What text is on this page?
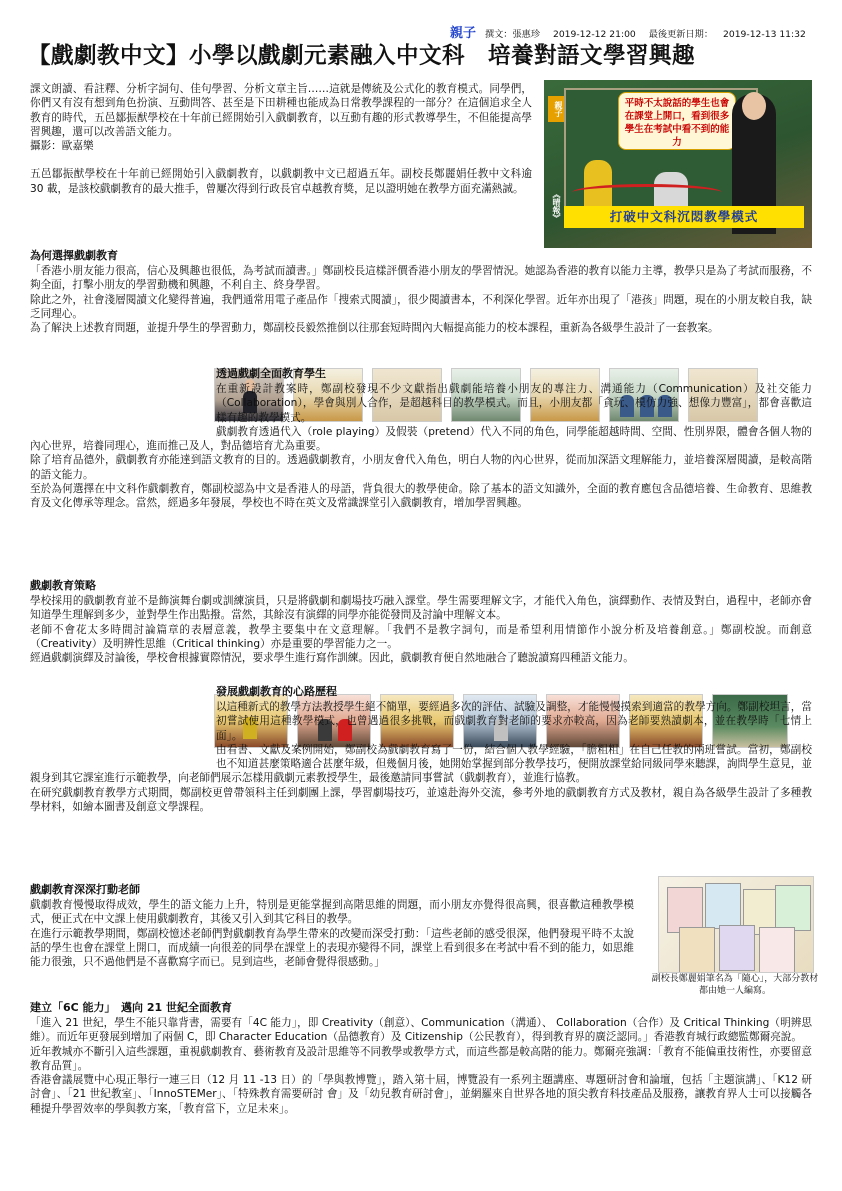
親子 撰文：張惠珍 2019-12-12 21:00 最後更新日期： 2019-12-13 11:32
【戲劇教中文】小學以戲劇元素融入中文科　培養對語文學習興趣

課文朗讀、看註釋、分析字詞句、佳句學習、分析文章主旨……這就是傳統及公式化的教育模式。同學們，你們又有沒有想到角色扮演、互動問答、甚至是下田耕種也能成為日常教學課程的一部分？在這個追求全人教育的時代，五邑鄒振猷學校在十年前已經開始引入戲劇教育，以互動有趣的形式教導學生，不但能提高學習興趣，還可以改善語文能力。

攝影：歐嘉樂

五邑鄒振猷學校在十年前已經開始引入戲劇教育，以戲劇教中文已超過五年。副校長鄭麗娟任教中文科逾 30 載，是該校戲劇教育的最大推手，曾屢次得到行政長官卓越教育獎，足以證明她在教學方面充滿熱誠。

親子	平時不太說話的學生也會在課堂上開口，看到很多學生在考試中看不到的能力
《晴報》	打破中文科沉悶教學模式
為何選擇戲劇教育

「香港小朋友能力很高，信心及興趣也很低，為考試而讀書。」鄭副校長這樣評價香港小朋友的學習情況。她認為香港的教育以能力主導，教學只是為了考試而服務，不夠全面，打擊小朋友的學習動機和興趣，不利自主、終身學習。

除此之外，社會淺層閱讀文化變得普遍，我們通常用電子產品作「搜索式閱讀」，很少閱讀書本，不利深化學習。近年亦出現了「港孩」問題，現在的小朋友較自我，缺乏同理心。

為了解決上述教育問題，並提升學生的學習動力，鄭副校長毅然推倒以往那套短時間內大幅提高能力的校本課程，重新為各級學生設計了一套教案。

透過戲劇全面教育學生

在重新設計教案時，鄭副校發現不少文獻指出戲劇能培養小朋友的專注力、溝通能力（Communication）及社交能力（Collaboration），學會與別人合作，是超越科目的教學模式。而且，小朋友都「貪玩、模仿力強、想像力豐富」，都會喜歡這樣有趣的教學模式。

戲劇教育透過代入（role playing）及假裝（pretend）代入不同的角色，同學能超越時間、空間、性別界限，體會各個人物的內心世界，培養同理心，進而推己及人，對品德培育尤為重要。

除了培育品德外，戲劇教育亦能達到語文教育的目的。透過戲劇教育，小朋友會代入角色，明白人物的內心世界，從而加深語文理解能力，並培養深層閱讀，是較高階的語文能力。

至於為何選擇在中文科作戲劇教育，鄭副校認為中文是香港人的母語，背負很大的教學使命。除了基本的語文知識外，全面的教育應包含品德培養、生命教育、思維教育及文化傳承等理念。當然，經過多年發展，學校也不時在英文及常識課堂引入戲劇教育，增加學習興趣。

戲劇教育策略

學校採用的戲劇教育並不是飾演舞台劇或訓練演員，只是將戲劇和劇場技巧融入課堂。學生需要理解文字，才能代入角色，演繹動作、表情及對白，過程中，老師亦會知道學生理解到多少，並對學生作出點撥。當然，其餘沒有演繹的同學亦能從發問及討論中理解文本。

老師不會花太多時間討論篇章的表層意義，教學主要集中在文意理解。「我們不是教字詞句，而是希望利用情節作小說分析及培養創意。」鄭副校說。而創意（Creativity）及明辨性思維（Critical thinking）亦是重要的學習能力之一。

經過戲劇演繹及討論後，學校會根據實際情況，要求學生進行寫作訓練。因此，戲劇教育便自然地融合了聽說讀寫四種語文能力。

發展戲劇教育的心路歷程

以這種新式的教學方法教授學生絕不簡單，要經過多次的評估、試驗及調整，才能慢慢摸索到適當的教學方向。鄭副校坦言，當初嘗試使用這種教學模式，也曾遇過很多挑戰，而戲劇教育對老師的要求亦較高，因為老師要熟讀劇本，並在教學時「七情上面」。

由看書、文獻及案例開始，鄭副校為戲劇教育寫了一份，結合個人教學經驗，「膽粗粗」在自己任教的兩班嘗試。當初，鄭副校也不知道甚麼策略適合甚麼年級，但幾個月後，她開始掌握到部分教學技巧，便開放課堂給同級同學來聽課，詢問學生意見，並親身到其它課室進行示範教學，向老師們展示怎樣用戲劇元素教授學生，最後邀請同事嘗試（戲劇教育），並進行協教。

在研究戲劇教育教學方式期間，鄭副校更曾帶領科主任到劇團上課，學習劇場技巧，並遠赴海外交流，參考外地的戲劇教育方式及教材，親自為各級學生設計了多種教學材料，如繪本圖書及創意文學課程。

戲劇教育深深打動老師

戲劇教育慢慢取得成效，學生的語文能力上升，特別是更能掌握到高階思維的問題，而小朋友亦覺得很高興，很喜歡這種教學模式，便正式在中文課上使用戲劇教育，其後又引入到其它科目的教學。

在進行示範教學期間，鄭副校憶述老師們對戲劇教育為學生帶來的改變而深受打動：「這些老師的感受很深，他們發現平時不太說話的學生也會在課堂上開口，而成績一向很差的同學在課堂上的表現亦變得不同，課堂上看到很多在考試中看不到的能力，如思維能力很強，只不過他們是不喜歡寫字而已。見到這些，老師會覺得很感動。」

副校長鄭麗娟筆名為「隨心」，大部分教材都由她一人編寫。
建立「6C 能力」　邁向 21 世紀全面教育

「進入 21 世紀，學生不能只靠背書，需要有「4C 能力」，即 Creativity（創意）、Communication（溝通）、 Collaboration（合作）及 Critical Thinking（明辨思維）。而近年更發展到增加了兩個 C，即 Character Education（品德教育）及 Citizenship（公民教育），得到教育界的廣泛認同。」香港教育城行政總監鄭爾亮說。

近年教城亦不斷引入這些課題，重視戲劇教育、藝術教育及設計思維等不同教學或教學方式，而這些都是較高階的能力。鄭爾亮強調：「教育不能偏重技術性，亦要留意教育品質」。

香港會議展覽中心現正舉行一連三日（12 月 11 -13 日）的「學與教博覽」，踏入第十屆，博覽設有一系列主題講座、專題研討會和論壇，包括「主題演講」、「K12 研討會」、「21 世紀教室」、「InnoSTEMer」、「特殊教育需要研討 會」及「幼兒教育研討會」，並網羅來自世界各地的頂尖教育科技產品及服務，讓教育界人士可以接觸各種提升學習效率的學與教方案，「教育當下，立足未來」。
